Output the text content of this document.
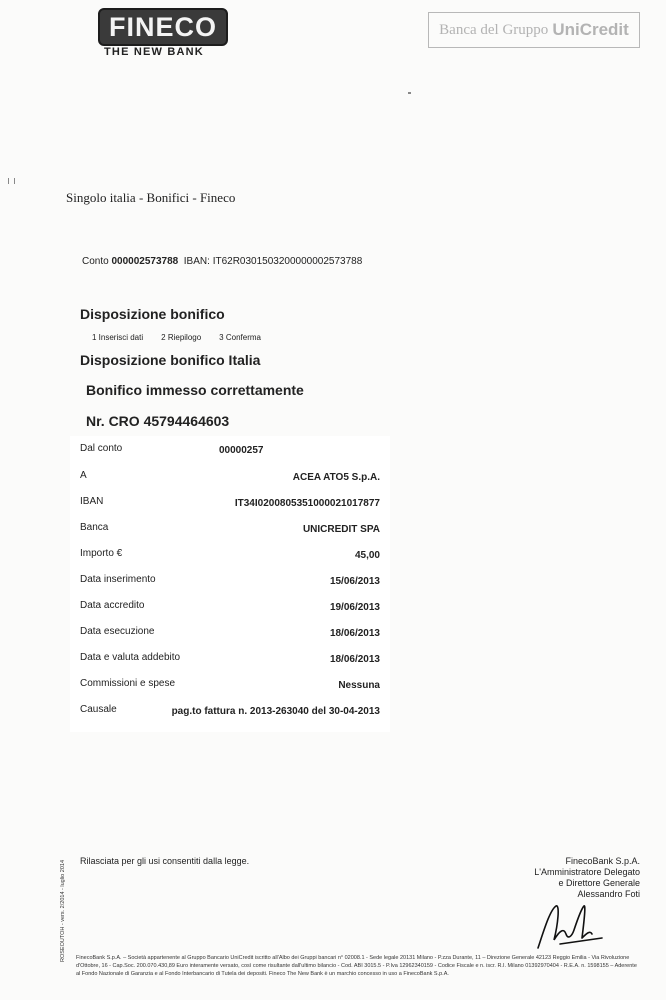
FINECO
THE NEW BANK
Banca del Gruppo UniCredit
Singolo italia - Bonifici - Fineco
Conto 000002573788 IBAN: IT62R0301503200000002573788
Disposizione bonifico
1 Inserisci dati 2 Riepilogo 3 Conferma
Disposizione bonifico Italia
Bonifico immesso correttamente
Nr. CRO 45794464603
Dal conto	00000257
A	ACEA ATO5 S.p.A.
IBAN	IT34I0200805351000021017877
Banca	UNICREDIT SPA
Importo €	45,00
Data inserimento	15/06/2013
Data accredito	19/06/2013
Data esecuzione	18/06/2013
Data e valuta addebito	18/06/2013
Commissioni e spese	Nessuna
Causale	pag.to fattura n. 2013-263040 del 30-04-2013
Rilasciata per gli usi consentiti dalla legge.	FinecoBank S.p.A.
L'Amministratore Delegato
e Direttore Generale
Alessandro Foti
FinecoBank S.p.A. – Società appartenente al Gruppo Bancario UniCredit iscritto all'Albo dei Gruppi bancari n° 02008.1 - Sede legale 20131 Milano - P.zza Durante, 11 – Direzione Generale 42123 Reggio Emilia - Via Rivoluzione d'Ottobre, 16 - Cap.Soc. 200.070.430,89 Euro interamente versato, così come risultante dall'ultimo bilancio - Cod. ABI 3015.5 - P.Iva 12962340159 - Codice Fiscale e n. iscr. R.I. Milano 01392970404 - R.E.A. n. 1598155 – Aderente al Fondo Nazionale di Garanzia e al Fondo Interbancario di Tutela dei depositi. Fineco The New Bank è un marchio concesso in uso a FinecoBank S.p.A.
ROSEOUTOH - vers. 2/2014 - luglio 2014
